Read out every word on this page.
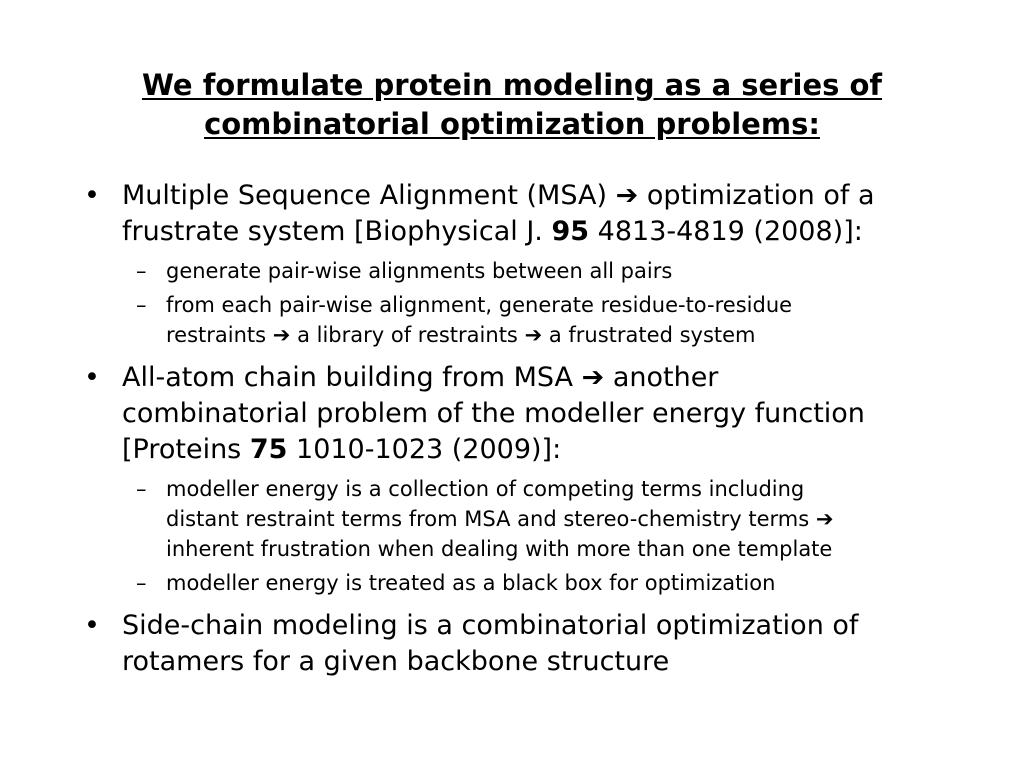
We formulate protein modeling as a series of
combinatorial optimization problems:
• Multiple Sequence Alignment (MSA) ➔ optimization of a
frustrate system [Biophysical J. 95 4813-4819 (2008)]:
– generate pair-wise alignments between all pairs
– from each pair-wise alignment, generate residue-to-residue
restraints ➔ a library of restraints ➔ a frustrated system
• All-atom chain building from MSA ➔ another
combinatorial problem of the modeller energy function
[Proteins 75 1010-1023 (2009)]:
– modeller energy is a collection of competing terms including
distant restraint terms from MSA and stereo-chemistry terms ➔
inherent frustration when dealing with more than one template
– modeller energy is treated as a black box for optimization
• Side-chain modeling is a combinatorial optimization of
rotamers for a given backbone structure
